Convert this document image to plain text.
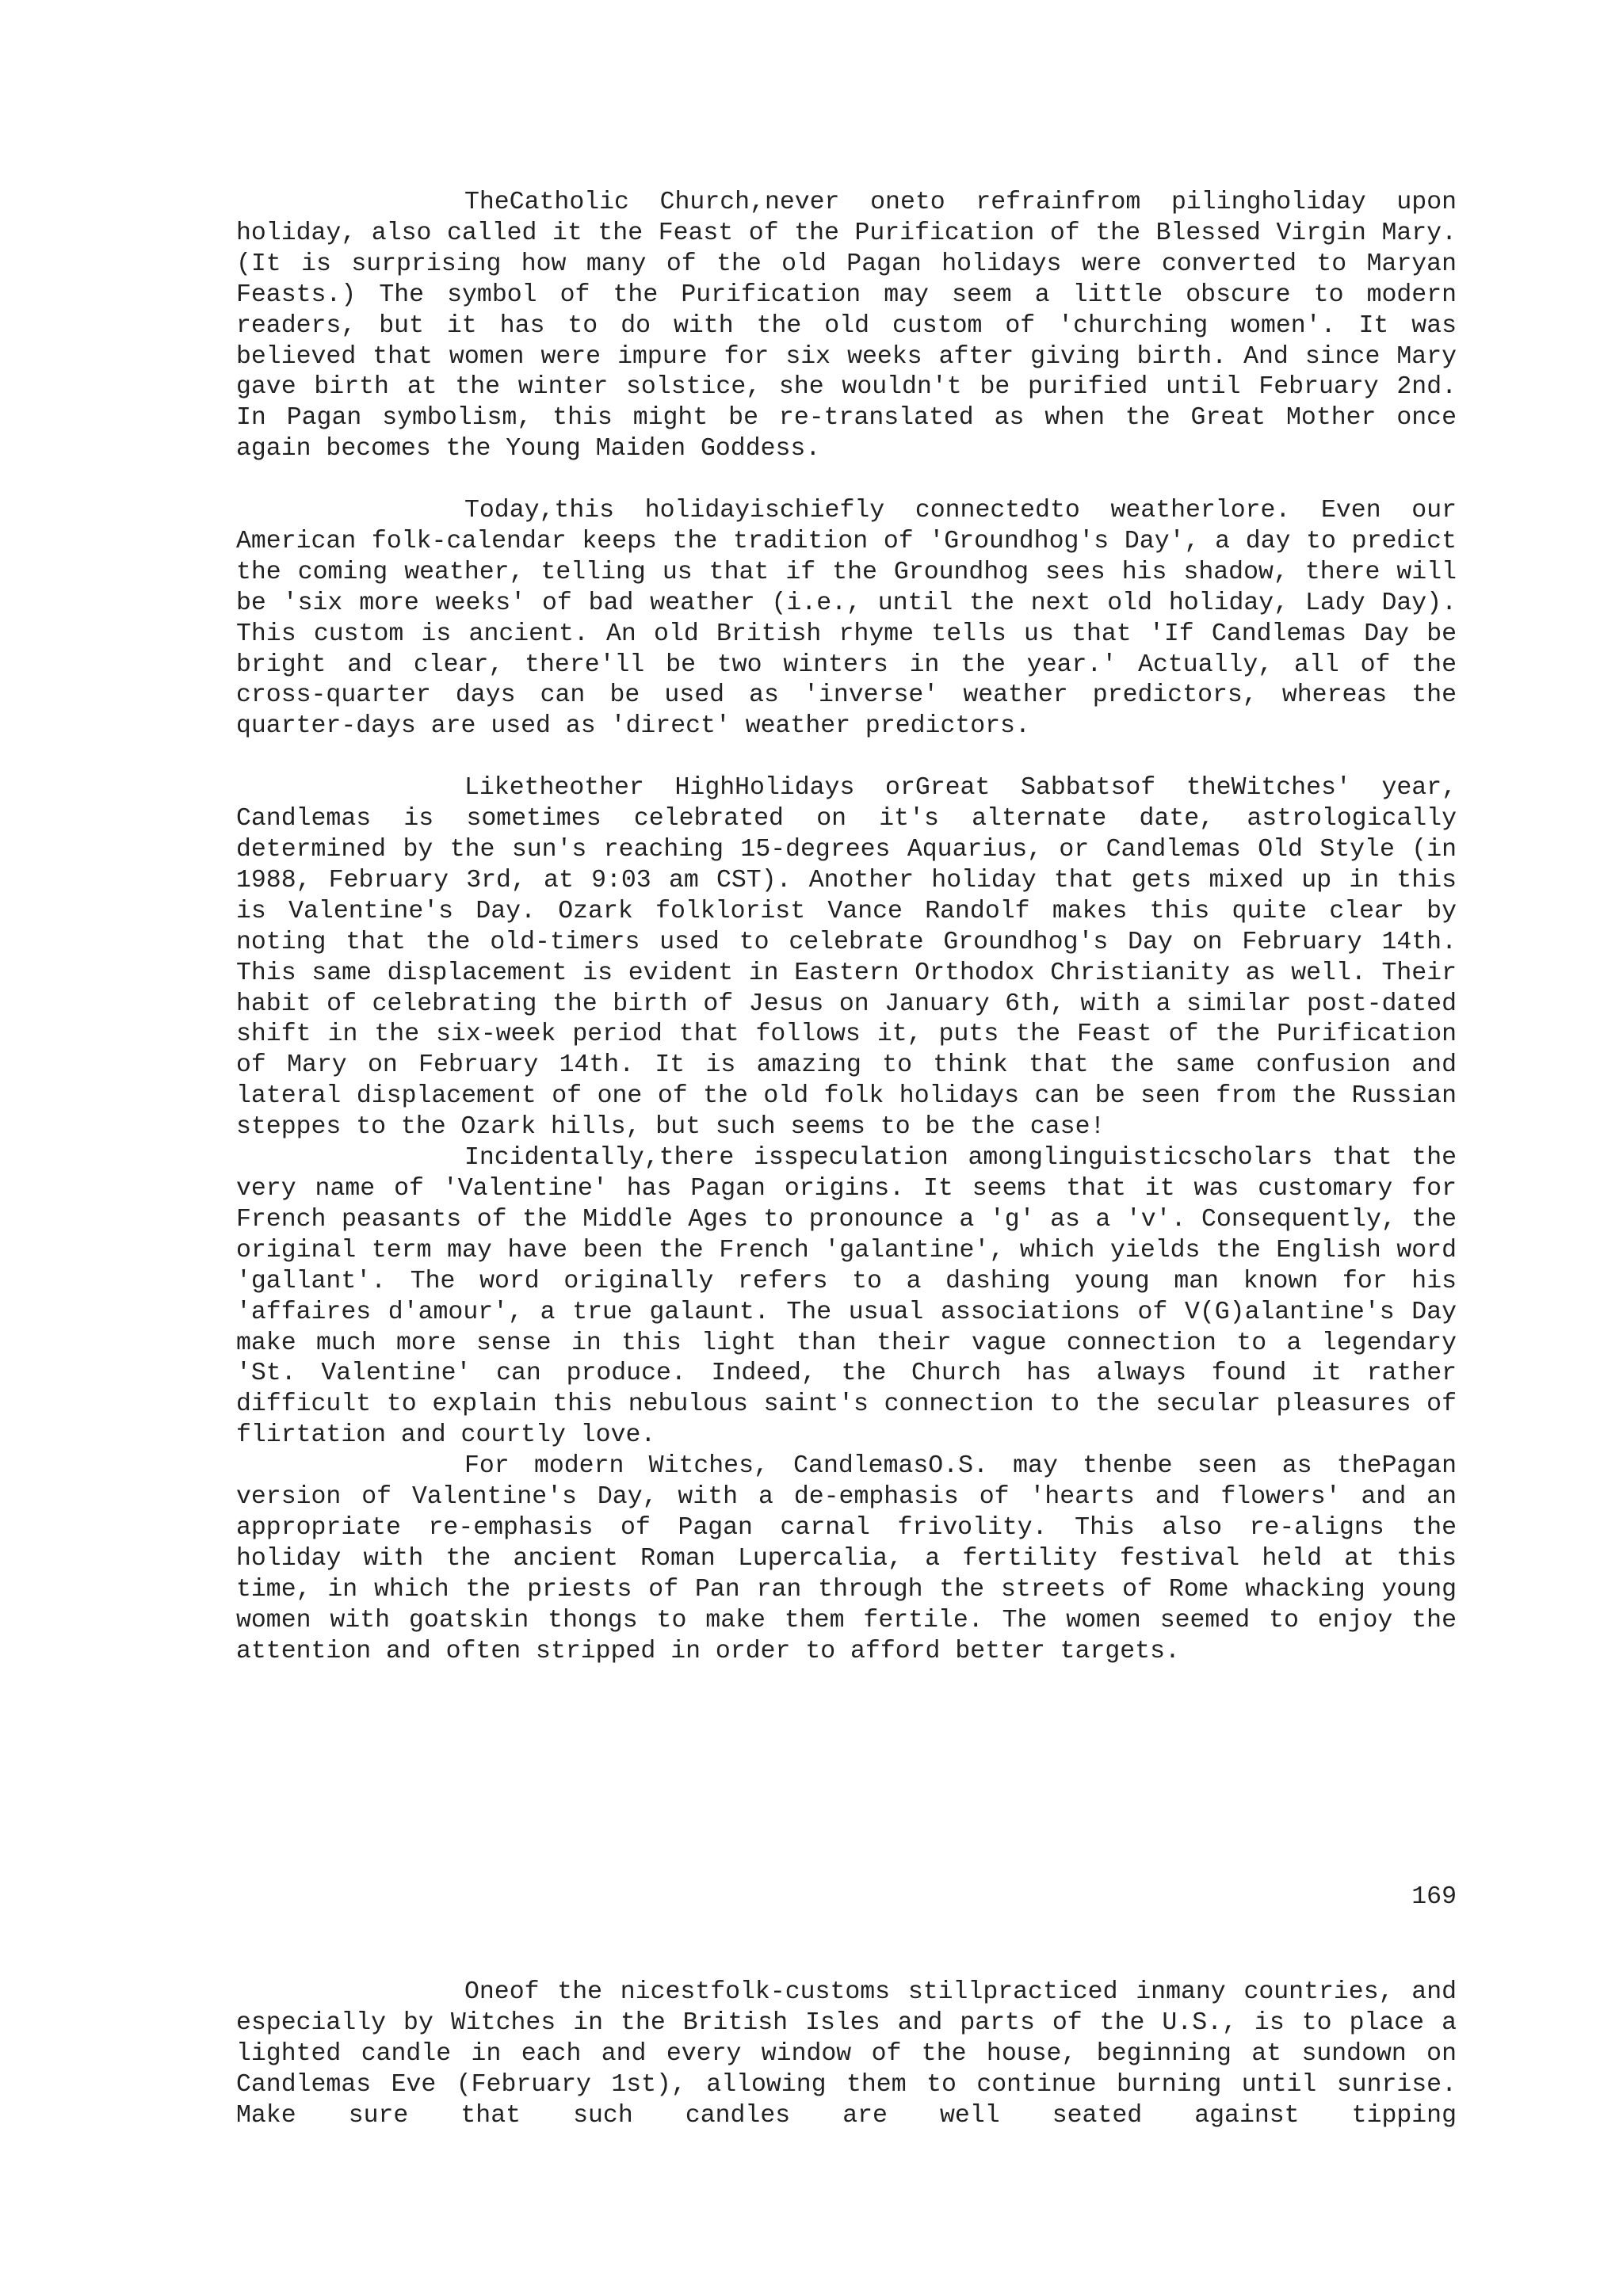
TheCatholic Church,never oneto refrainfrom pilingholiday upon holiday, also called it the Feast of the Purification of the Blessed Virgin Mary. (It is surprising how many of the old Pagan holidays were converted to Maryan Feasts.) The symbol of the Purification may seem a little obscure to modern readers, but it has to do with the old custom of 'churching women'. It was believed that women were impure for six weeks after giving birth. And since Mary gave birth at the winter solstice, she wouldn't be purified until February 2nd. In Pagan symbolism, this might be re-translated as when the Great Mother once again becomes the Young Maiden Goddess.

Today,this holidayischiefly connectedto weatherlore. Even our American folk-calendar keeps the tradition of 'Groundhog's Day', a day to predict the coming weather, telling us that if the Groundhog sees his shadow, there will be 'six more weeks' of bad weather (i.e., until the next old holiday, Lady Day). This custom is ancient. An old British rhyme tells us that 'If Candlemas Day be bright and clear, there'll be two winters in the year.' Actually, all of the cross-quarter days can be used as 'inverse' weather predictors, whereas the quarter-days are used as 'direct' weather predictors.

Liketheother HighHolidays orGreat Sabbatsof theWitches' year, Candlemas is sometimes celebrated on it's alternate date, astrologically determined by the sun's reaching 15-degrees Aquarius, or Candlemas Old Style (in 1988, February 3rd, at 9:03 am CST). Another holiday that gets mixed up in this is Valentine's Day. Ozark folklorist Vance Randolf makes this quite clear by noting that the old-timers used to celebrate Groundhog's Day on February 14th. This same displacement is evident in Eastern Orthodox Christianity as well. Their habit of celebrating the birth of Jesus on January 6th, with a similar post-dated shift in the six-week period that follows it, puts the Feast of the Purification of Mary on February 14th. It is amazing to think that the same confusion and lateral displacement of one of the old folk holidays can be seen from the Russian steppes to the Ozark hills, but such seems to be the case!

Incidentally,there isspeculation amonglinguisticscholars that the very name of 'Valentine' has Pagan origins. It seems that it was customary for French peasants of the Middle Ages to pronounce a 'g' as a 'v'. Consequently, the original term may have been the French 'galantine', which yields the English word 'gallant'. The word originally refers to a dashing young man known for his 'affaires d'amour', a true galaunt. The usual associations of V(G)alantine's Day make much more sense in this light than their vague connection to a legendary 'St. Valentine' can produce. Indeed, the Church has always found it rather difficult to explain this nebulous saint's connection to the secular pleasures of flirtation and courtly love.

For modern Witches, CandlemasO.S. may thenbe seen as thePagan version of Valentine's Day, with a de-emphasis of 'hearts and flowers' and an appropriate re-emphasis of Pagan carnal frivolity. This also re-aligns the holiday with the ancient Roman Lupercalia, a fertility festival held at this time, in which the priests of Pan ran through the streets of Rome whacking young women with goatskin thongs to make them fertile. The women seemed to enjoy the attention and often stripped in order to afford better targets.

169

Oneof the nicestfolk-customs stillpracticed inmany countries, and especially by Witches in the British Isles and parts of the U.S., is to place a lighted candle in each and every window of the house, beginning at sundown on Candlemas Eve (February 1st), allowing them to continue burning until sunrise. Make sure that such candles are well seated against tipping
